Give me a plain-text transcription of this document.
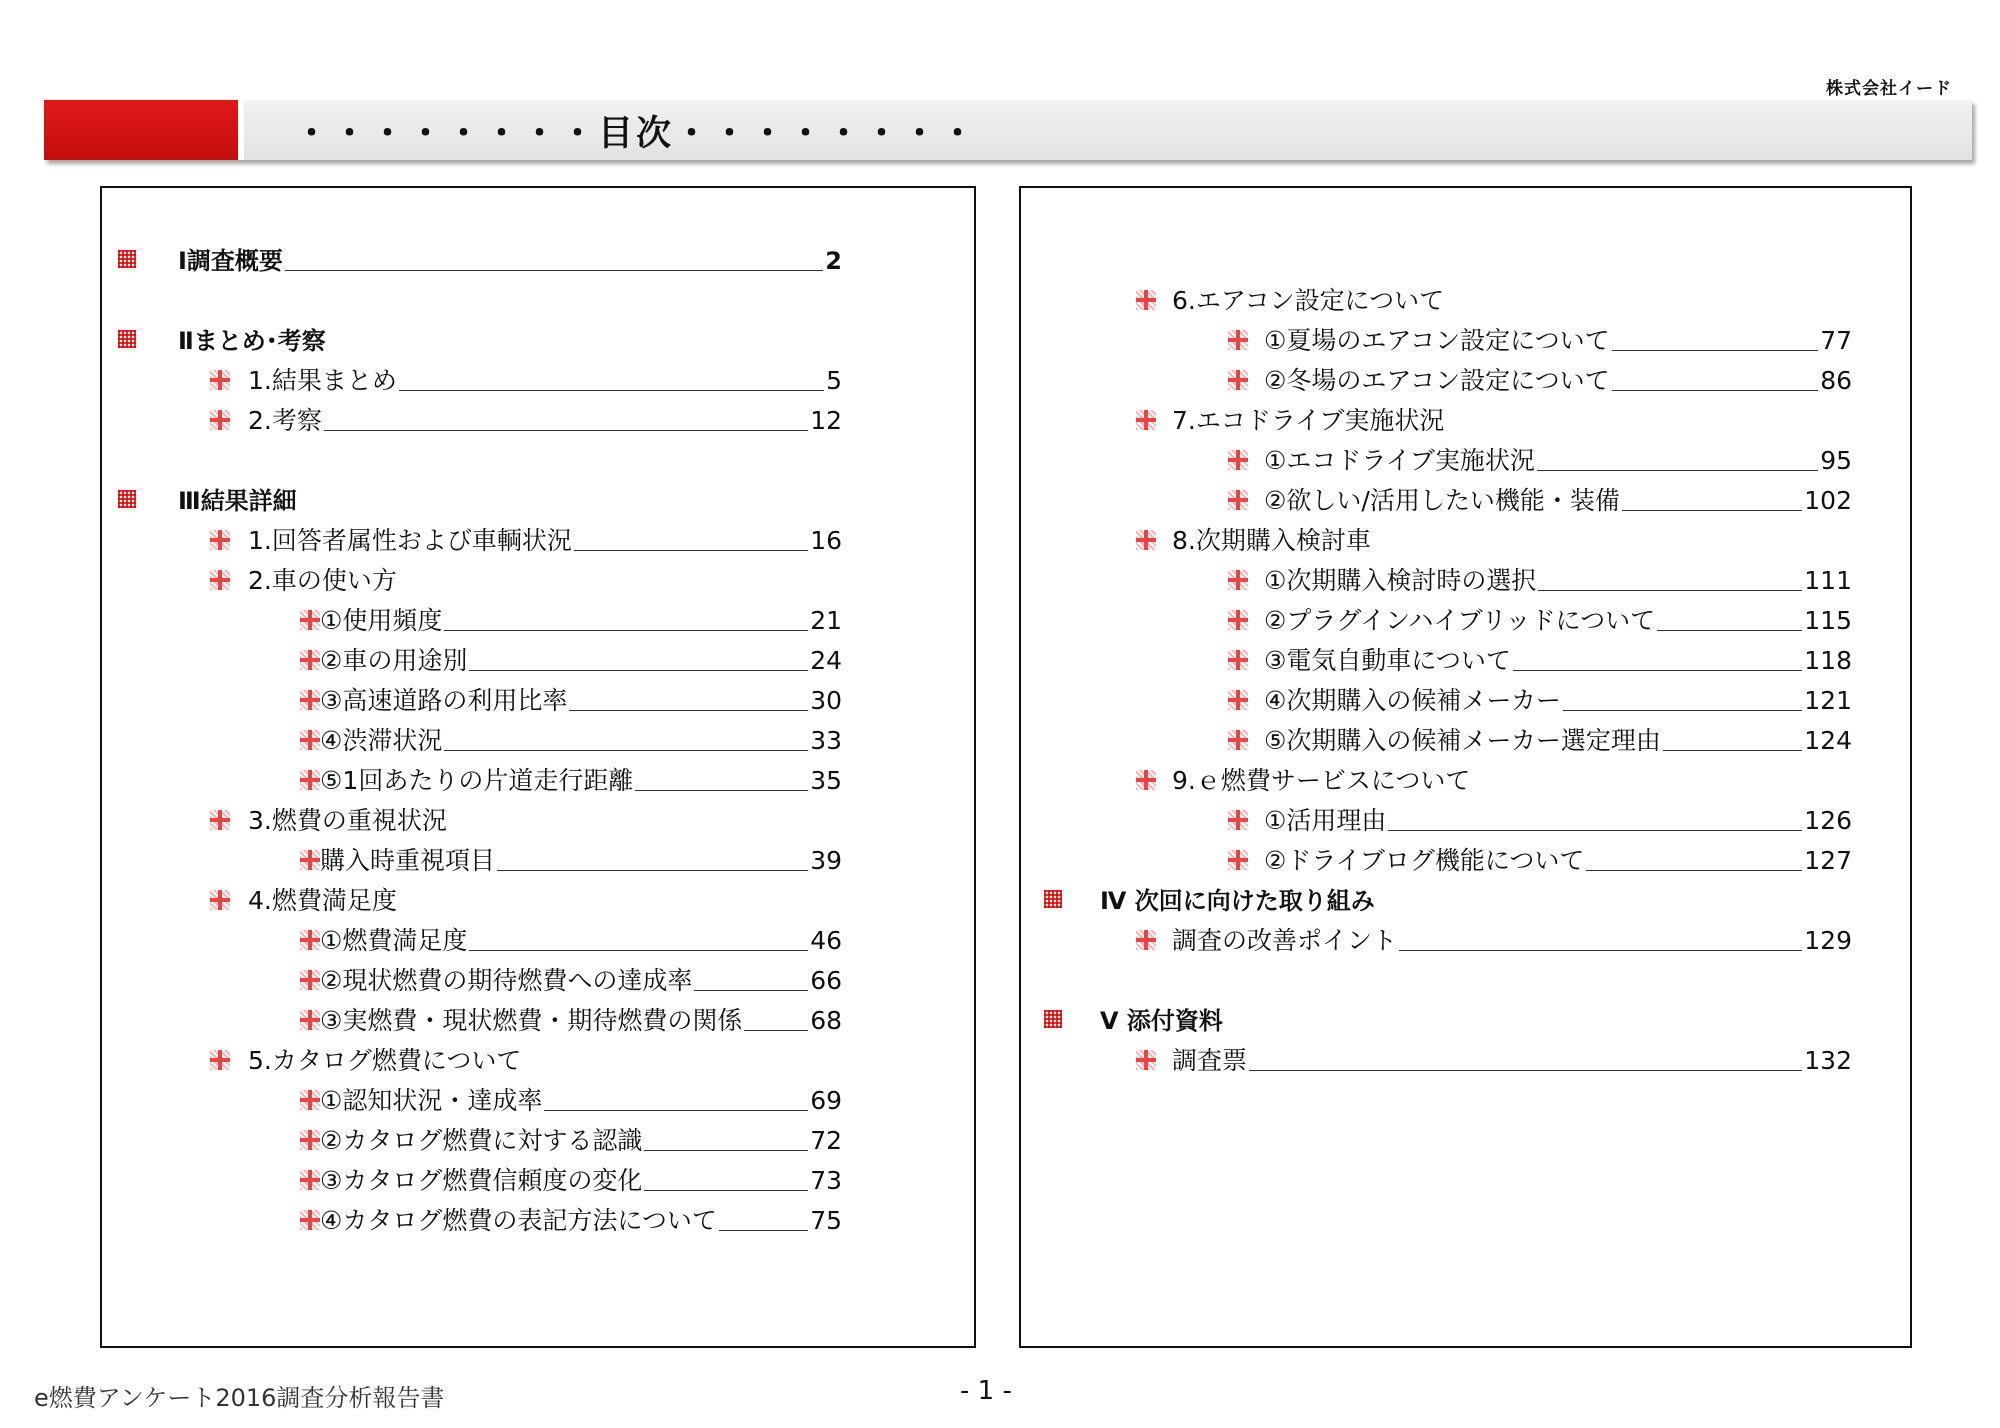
株式会社イード
・・・・・・・・目次・・・・・・・・
e燃費アンケート2016調査分析報告書	- 1 -
Ⅰ調査概要	2
Ⅱまとめ･考察
1.結果まとめ	5
2.考察	12
Ⅲ結果詳細
1.回答者属性および車輌状況	16
2.車の使い方
①使用頻度	21
②車の用途別	24
③高速道路の利用比率	30
④渋滞状況	33
⑤1回あたりの片道走行距離	35
3.燃費の重視状況
購入時重視項目	39
4.燃費満足度
①燃費満足度	46
②現状燃費の期待燃費への達成率	66
③実燃費・現状燃費・期待燃費の関係	68
5.カタログ燃費について
①認知状況・達成率	69
②カタログ燃費に対する認識	72
③カタログ燃費信頼度の変化	73
④カタログ燃費の表記方法について	75
6.エアコン設定について
①夏場のエアコン設定について	77
②冬場のエアコン設定について	86
7.エコドライブ実施状況
①エコドライブ実施状況	95
②欲しい/活用したい機能・装備	102
8.次期購入検討車
①次期購入検討時の選択	111
②プラグインハイブリッドについて	115
③電気自動車について	118
④次期購入の候補メーカー	121
⑤次期購入の候補メーカー選定理由	124
9.ｅ燃費サービスについて
①活用理由	126
②ドライブログ機能について	127
Ⅳ 次回に向けた取り組み
調査の改善ポイント	129
Ⅴ 添付資料
調査票	132
